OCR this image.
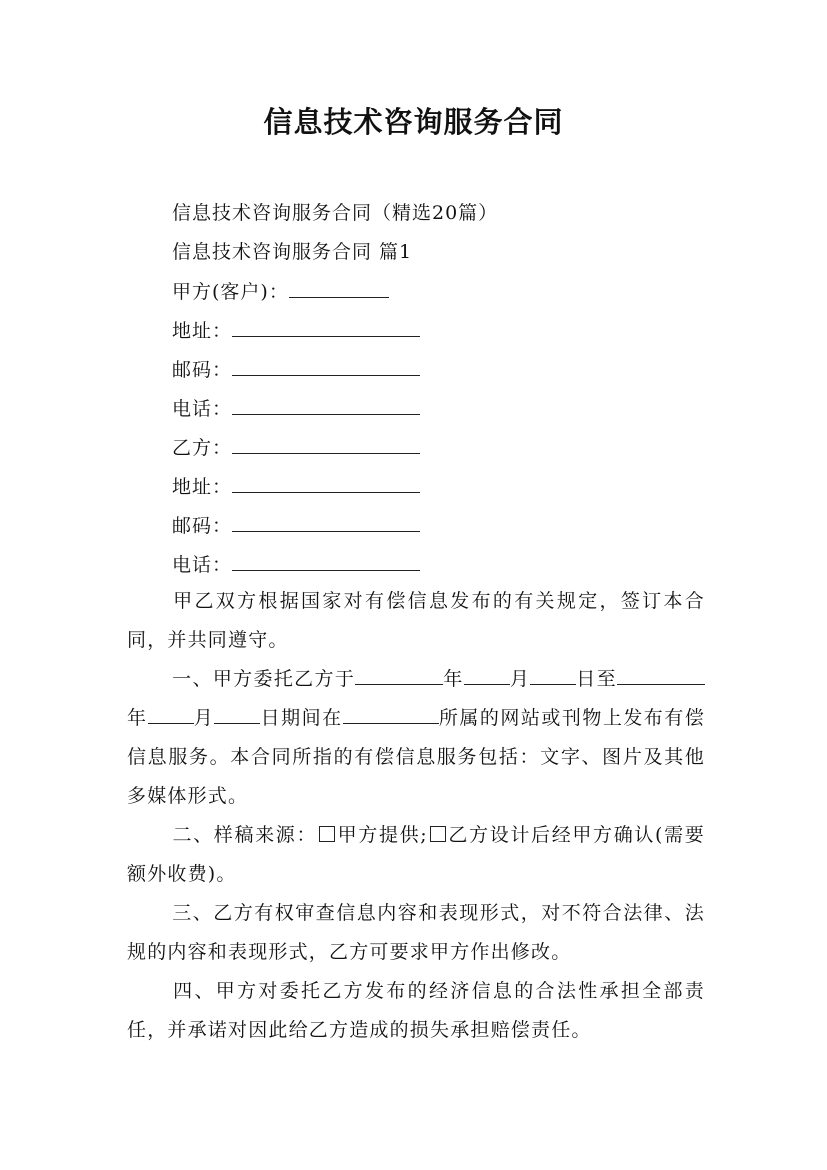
信息技术咨询服务合同
信息技术咨询服务合同（精选20篇）
信息技术咨询服务合同 篇1
甲方(客户)：
地址：
邮码：
电话：
乙方：
地址：
邮码：
电话：
甲乙双方根据国家对有偿信息发布的有关规定，签订本合同，并共同遵守。
一、甲方委托乙方于	年 月 日至年 月 日期间在	所属的网站或刊物上发布有偿信息服务。本合同所指的有偿信息服务包括：文字、图片及其他多媒体形式。
二、样稿来源： 甲方提供; 乙方设计后经甲方确认(需要额外收费)。
三、乙方有权审查信息内容和表现形式，对不符合法律、法规的内容和表现形式，乙方可要求甲方作出修改。
四、甲方对委托乙方发布的经济信息的合法性承担全部责任，并承诺对因此给乙方造成的损失承担赔偿责任。
